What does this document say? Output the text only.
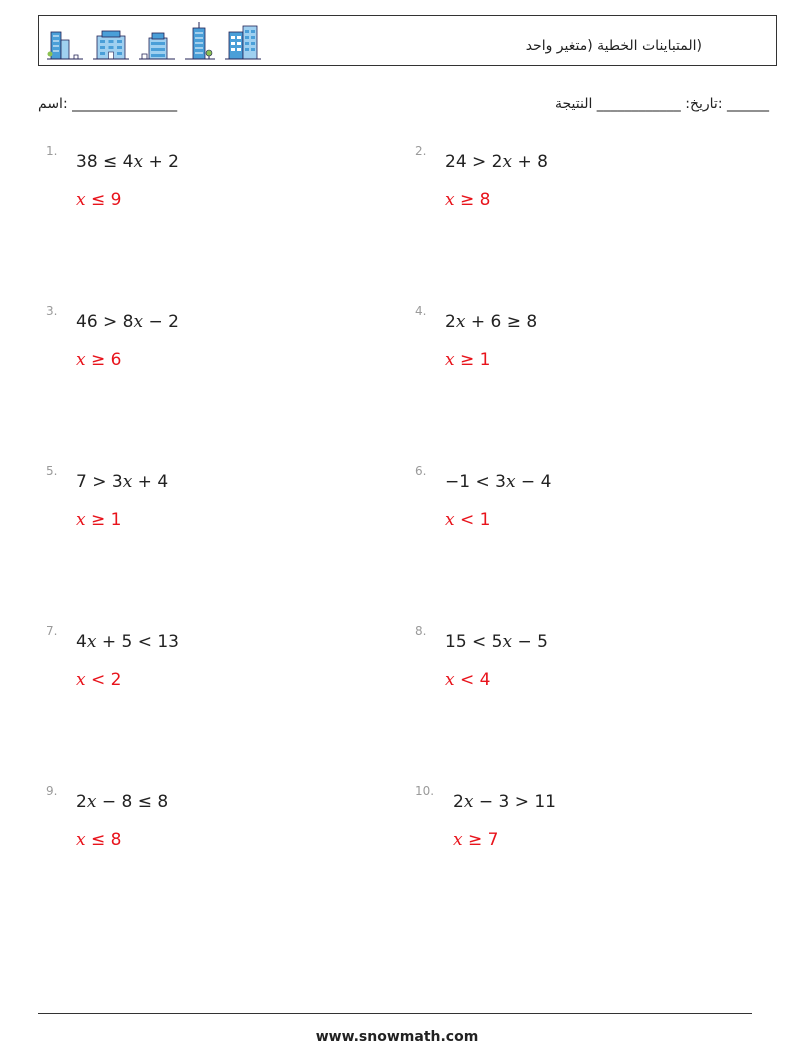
(المتباينات الخطية (متغير واحد
اسم: _______________	______ :تاريخ: ____________ النتيجة
1.
38 ≤ 4x + 2
x ≤ 9
2.
24 > 2x + 8
x ≥ 8
3.
46 > 8x − 2
x ≥ 6
4.
2x + 6 ≥ 8
x ≥ 1
5.
7 > 3x + 4
x ≥ 1
6.
−1 < 3x − 4
x < 1
7.
4x + 5 < 13
x < 2
8.
15 < 5x − 5
x < 4
9.
2x − 8 ≤ 8
x ≤ 8
10.
2x − 3 > 11
x ≥ 7
www.snowmath.com
